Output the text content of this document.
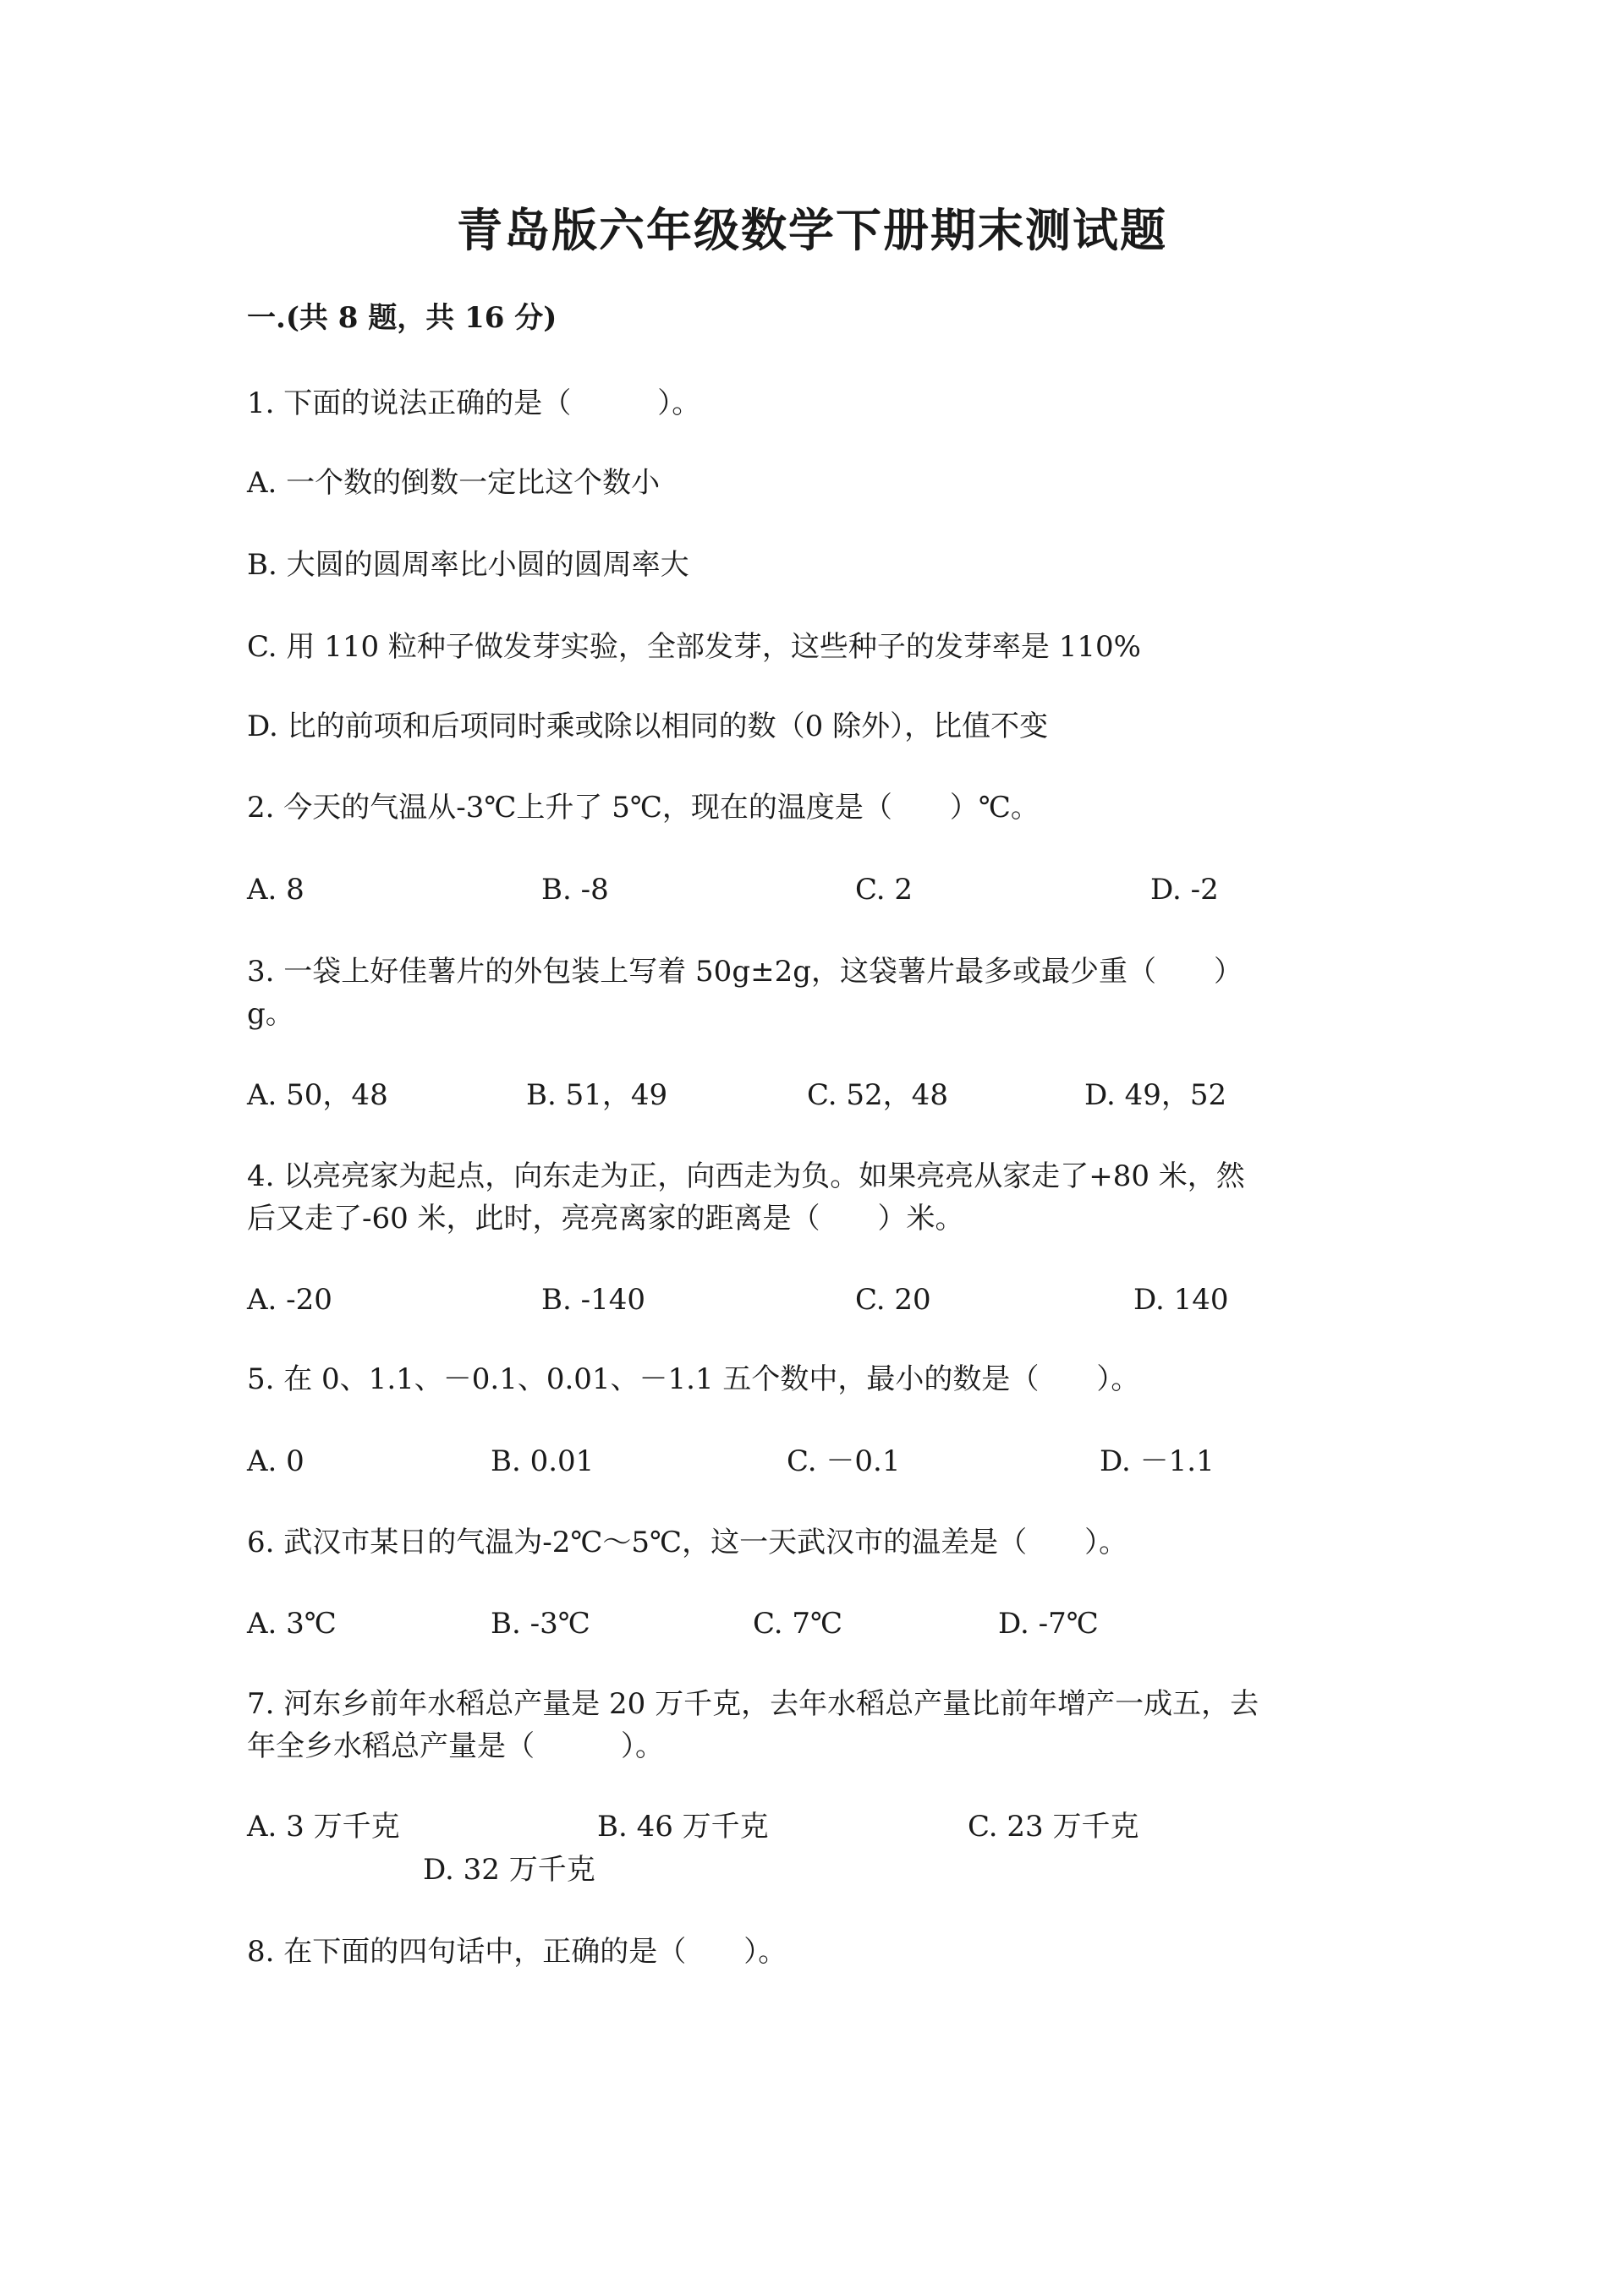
青岛版六年级数学下册期末测试题
一.(共 8 题，共 16 分)
1. 下面的说法正确的是（　　　）。
A. 一个数的倒数一定比这个数小
B. 大圆的圆周率比小圆的圆周率大
C. 用 110 粒种子做发芽实验，全部发芽，这些种子的发芽率是 110%
D. 比的前项和后项同时乘或除以相同的数（0 除外），比值不变
2. 今天的气温从-3℃上升了 5℃，现在的温度是（　　）℃。
A. 8	B. -8	C. 2	D. -2
3. 一袋上好佳薯片的外包装上写着 50g±2g，这袋薯片最多或最少重（　　）
g。
A. 50，48	B. 51，49	C. 52，48	D. 49，52
4. 以亮亮家为起点，向东走为正，向西走为负。如果亮亮从家走了+80 米，然
后又走了-60 米，此时，亮亮离家的距离是（　　）米。
A. -20	B. -140	C. 20	D. 140
5. 在 0、1.1、－0.1、0.01、－1.1 五个数中，最小的数是（　　）。
A. 0	B. 0.01	C. －0.1	D. －1.1
6. 武汉市某日的气温为-2℃～5℃，这一天武汉市的温差是（　　）。
A. 3℃	B. -3℃	C. 7℃	D. -7℃
7. 河东乡前年水稻总产量是 20 万千克，去年水稻总产量比前年增产一成五，去
年全乡水稻总产量是（　　　）。
A. 3 万千克	B. 46 万千克	C. 23 万千克
D. 32 万千克
8. 在下面的四句话中，正确的是（　　）。
